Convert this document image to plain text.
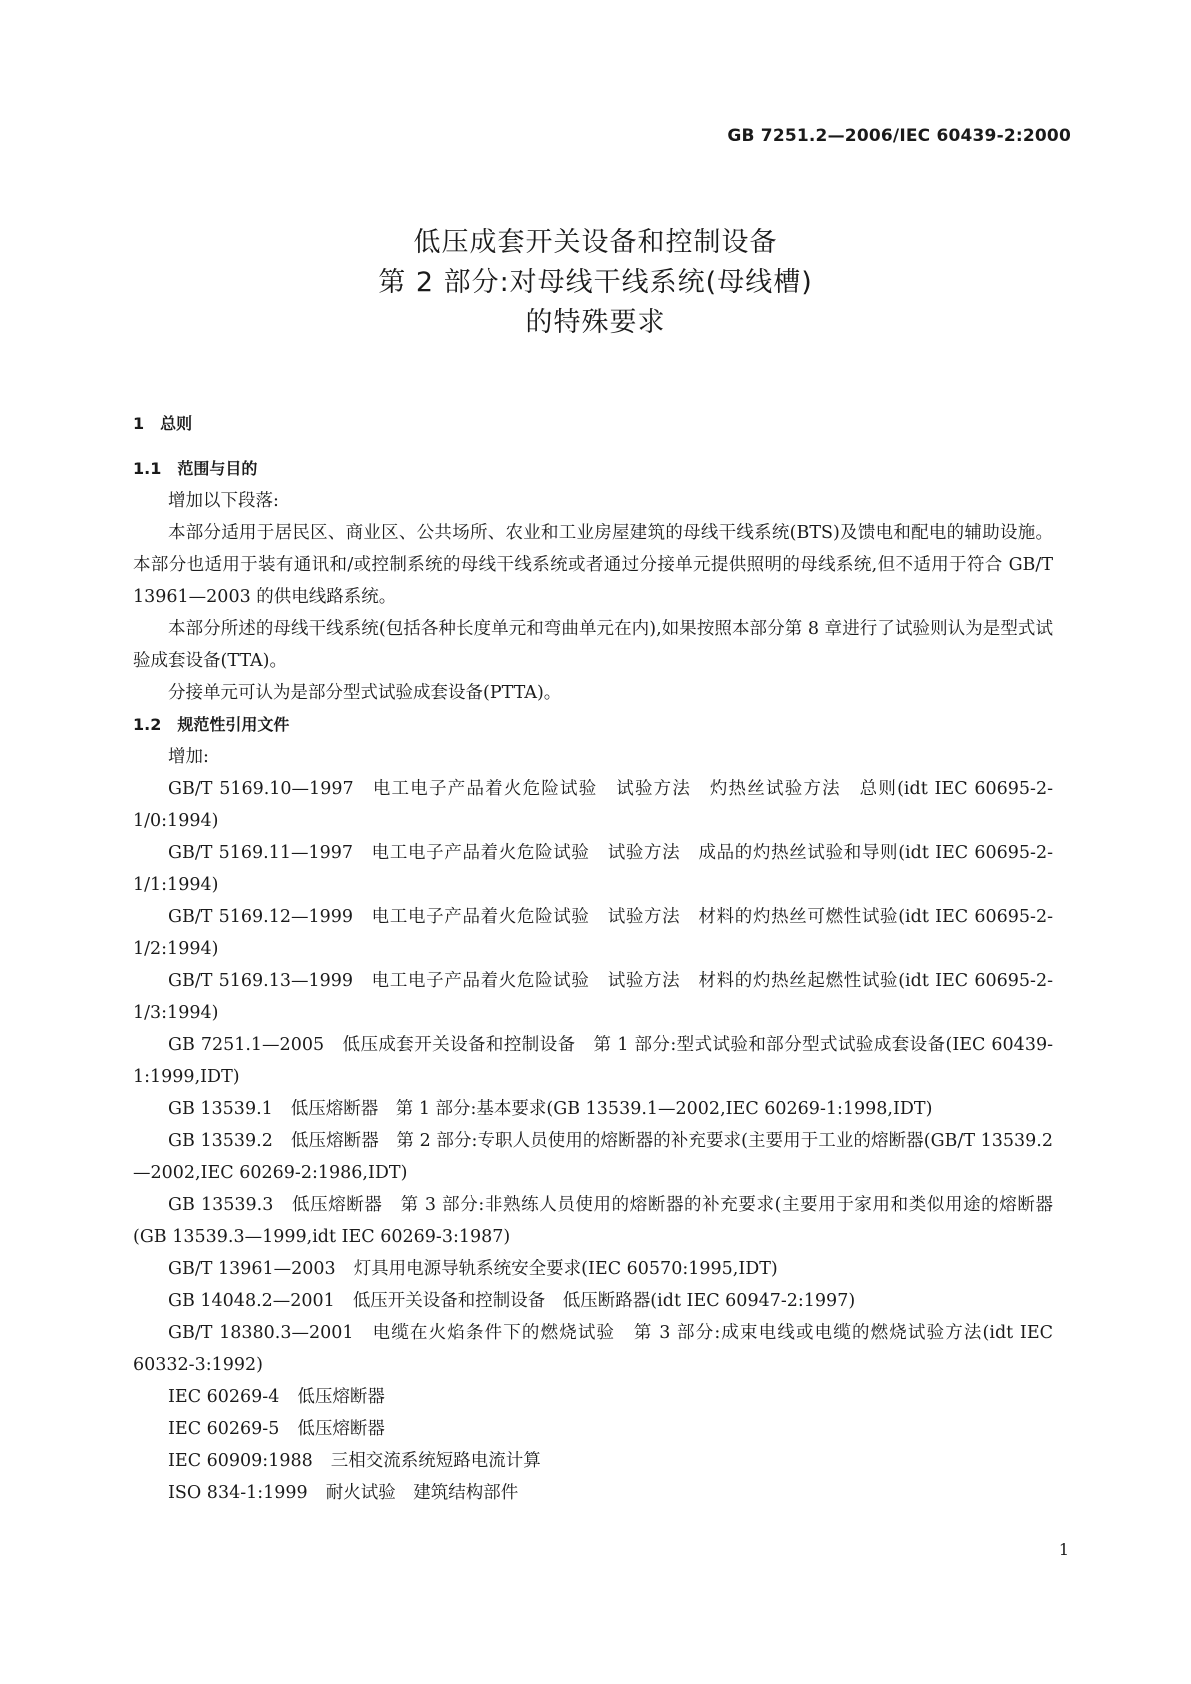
GB 7251.2—2006/IEC 60439-2:2000
低压成套开关设备和控制设备
第 2 部分:对母线干线系统(母线槽)
的特殊要求
1 总则
1.1 范围与目的

增加以下段落:

本部分适用于居民区、商业区、公共场所、农业和工业房屋建筑的母线干线系统(BTS)及馈电和配电的辅助设施。本部分也适用于装有通讯和/或控制系统的母线干线系统或者通过分接单元提供照明的母线系统,但不适用于符合 GB/T 13961—2003 的供电线路系统。

本部分所述的母线干线系统(包括各种长度单元和弯曲单元在内),如果按照本部分第 8 章进行了试验则认为是型式试验成套设备(TTA)。

分接单元可认为是部分型式试验成套设备(PTTA)。

1.2 规范性引用文件

增加:

GB/T 5169.10—1997 电工电子产品着火危险试验　试验方法　灼热丝试验方法　总则(idt IEC 60695-2-1/0:1994)

GB/T 5169.11—1997 电工电子产品着火危险试验　试验方法　成品的灼热丝试验和导则(idt IEC 60695-2-1/1:1994)

GB/T 5169.12—1999 电工电子产品着火危险试验　试验方法　材料的灼热丝可燃性试验(idt IEC 60695-2-1/2:1994)

GB/T 5169.13—1999 电工电子产品着火危险试验　试验方法　材料的灼热丝起燃性试验(idt IEC 60695-2-1/3:1994)

GB 7251.1—2005 低压成套开关设备和控制设备　第 1 部分:型式试验和部分型式试验成套设备(IEC 60439-1:1999,IDT)

GB 13539.1 低压熔断器　第 1 部分:基本要求(GB 13539.1—2002,IEC 60269-1:1998,IDT)

GB 13539.2 低压熔断器　第 2 部分:专职人员使用的熔断器的补充要求(主要用于工业的熔断器(GB/T 13539.2—2002,IEC 60269-2:1986,IDT)

GB 13539.3 低压熔断器　第 3 部分:非熟练人员使用的熔断器的补充要求(主要用于家用和类似用途的熔断器(GB 13539.3—1999,idt IEC 60269-3:1987)

GB/T 13961—2003 灯具用电源导轨系统安全要求(IEC 60570:1995,IDT)

GB 14048.2—2001 低压开关设备和控制设备　低压断路器(idt IEC 60947-2:1997)

GB/T 18380.3—2001 电缆在火焰条件下的燃烧试验　第 3 部分:成束电线或电缆的燃烧试验方法(idt IEC 60332-3:1992)

IEC 60269-4 低压熔断器

IEC 60269-5 低压熔断器

IEC 60909:1988 三相交流系统短路电流计算

ISO 834-1:1999 耐火试验　建筑结构部件

1
